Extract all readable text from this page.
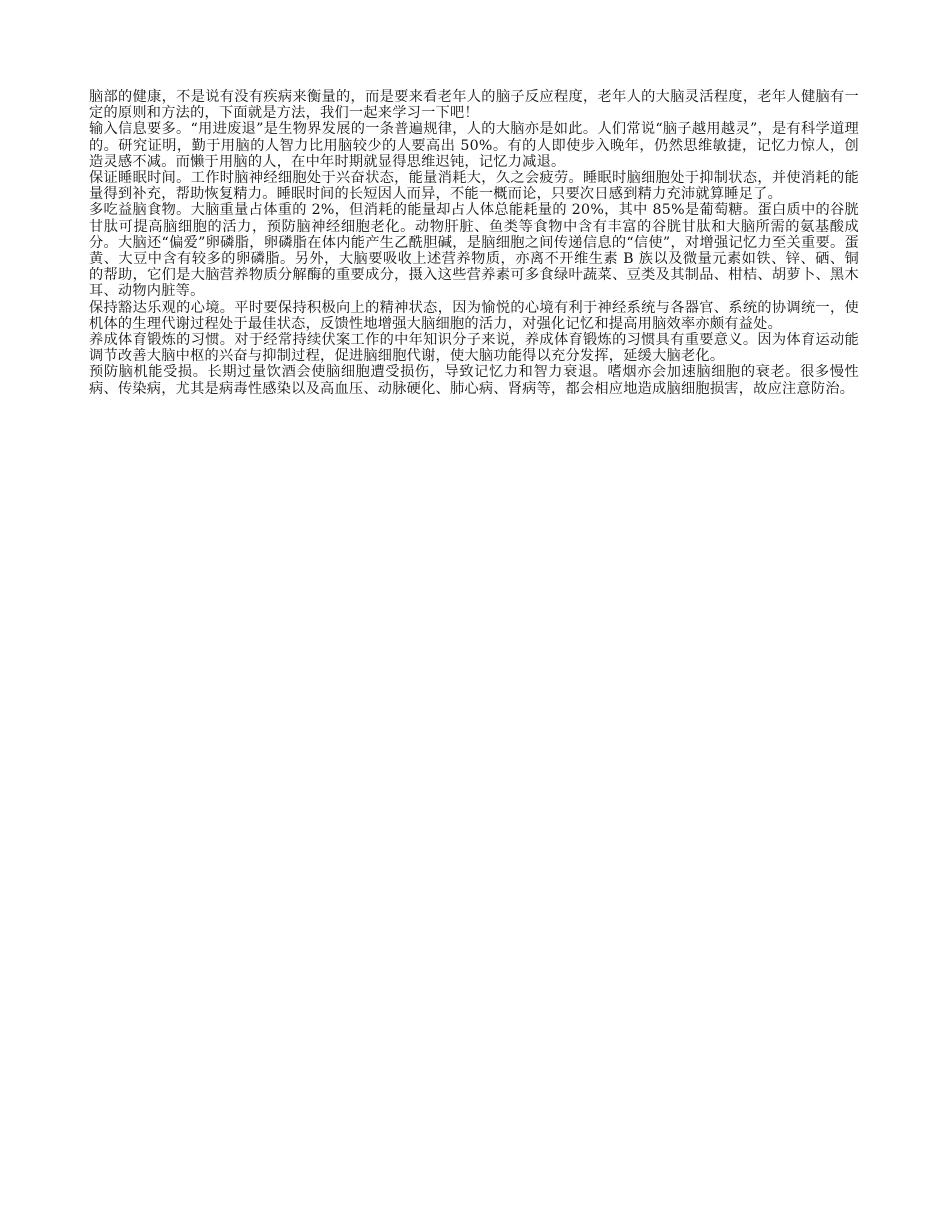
脑部的健康，不是说有没有疾病来衡量的，而是要来看老年人的脑子反应程度，老年人的大脑灵活程度，老年人健脑有一定的原则和方法的，下面就是方法，我们一起来学习一下吧！

输入信息要多。“用进废退”是生物界发展的一条普遍规律，人的大脑亦是如此。人们常说“脑子越用越灵”，是有科学道理的。研究证明，勤于用脑的人智力比用脑较少的人要高出 50%。有的人即使步入晚年，仍然思维敏捷，记忆力惊人，创造灵感不减。而懒于用脑的人，在中年时期就显得思维迟钝，记忆力减退。

保证睡眠时间。工作时脑神经细胞处于兴奋状态，能量消耗大，久之会疲劳。睡眠时脑细胞处于抑制状态，并使消耗的能量得到补充，帮助恢复精力。睡眠时间的长短因人而异，不能一概而论，只要次日感到精力充沛就算睡足了。

多吃益脑食物。大脑重量占体重的 2%，但消耗的能量却占人体总能耗量的 20%，其中 85%是葡萄糖。蛋白质中的谷胱甘肽可提高脑细胞的活力，预防脑神经细胞老化。动物肝脏、鱼类等食物中含有丰富的谷胱甘肽和大脑所需的氨基酸成分。大脑还“偏爱”卵磷脂，卵磷脂在体内能产生乙酰胆碱，是脑细胞之间传递信息的“信使”，对增强记忆力至关重要。蛋黄、大豆中含有较多的卵磷脂。另外，大脑要吸收上述营养物质，亦离不开维生素 B 族以及微量元素如铁、锌、硒、铜的帮助，它们是大脑营养物质分解酶的重要成分，摄入这些营养素可多食绿叶蔬菜、豆类及其制品、柑桔、胡萝卜、黑木耳、动物内脏等。

保持豁达乐观的心境。平时要保持积极向上的精神状态，因为愉悦的心境有利于神经系统与各器官、系统的协调统一，使机体的生理代谢过程处于最佳状态，反馈性地增强大脑细胞的活力，对强化记忆和提高用脑效率亦颇有益处。

养成体育锻炼的习惯。对于经常持续伏案工作的中年知识分子来说，养成体育锻炼的习惯具有重要意义。因为体育运动能调节改善大脑中枢的兴奋与抑制过程，促进脑细胞代谢，使大脑功能得以充分发挥，延缓大脑老化。

预防脑机能受损。长期过量饮酒会使脑细胞遭受损伤，导致记忆力和智力衰退。嗜烟亦会加速脑细胞的衰老。很多慢性病、传染病，尤其是病毒性感染以及高血压、动脉硬化、肺心病、肾病等，都会相应地造成脑细胞损害，故应注意防治。
